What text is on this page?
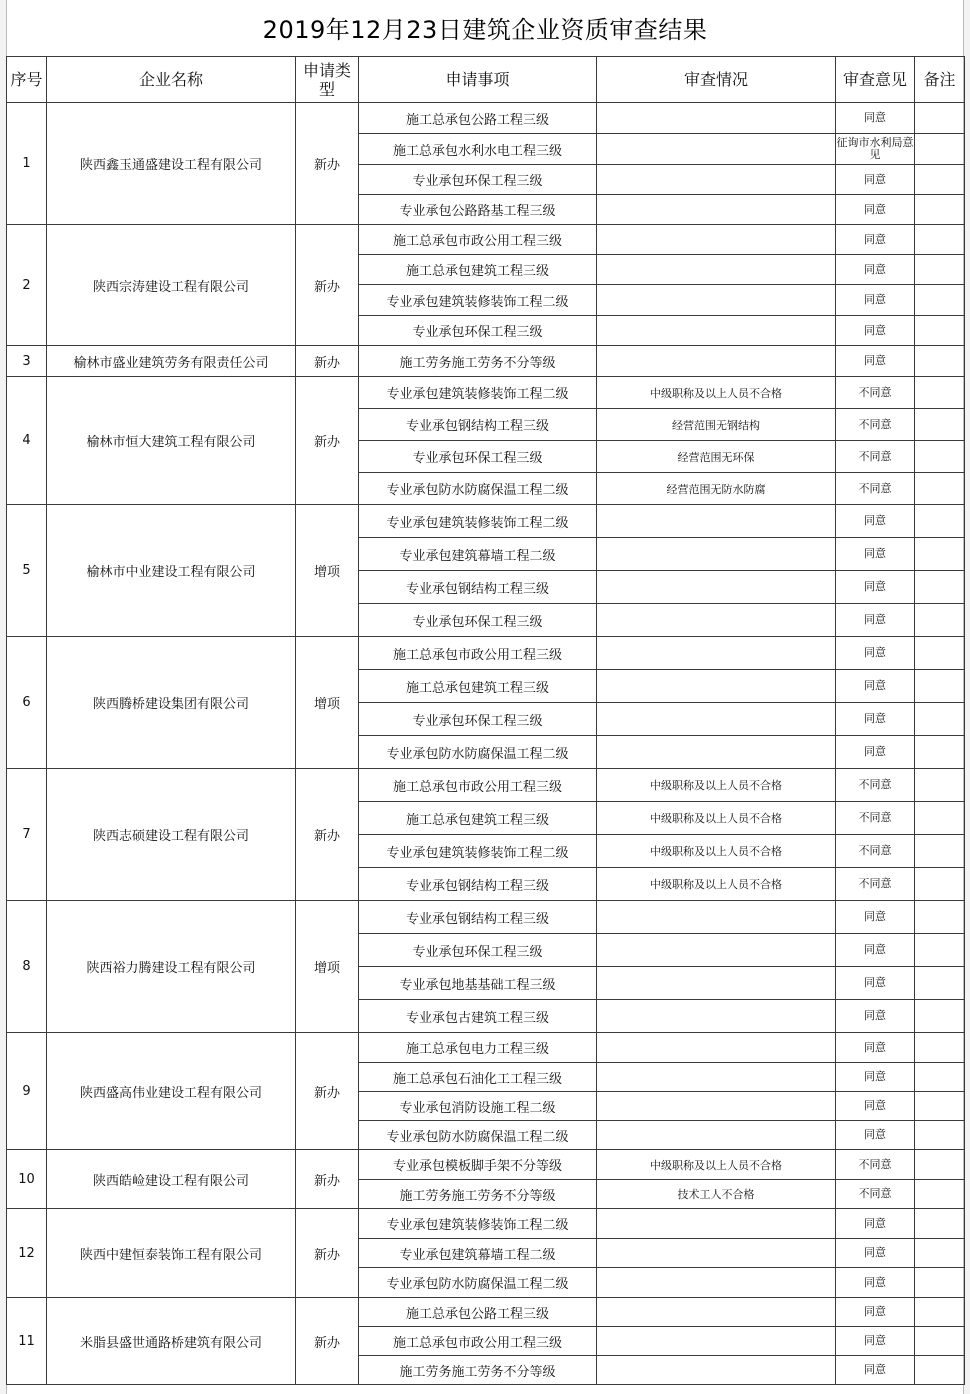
2019年12月23日建筑企业资质审查结果
序号	企业名称	申请类型	申请事项	审查情况	审查意见	备注
1	陕西鑫玉通盛建设工程有限公司	新办	施工总承包公路工程三级		同意	
			施工总承包水利水电工程三级		征询市水利局意见	
			专业承包环保工程三级		同意	
			专业承包公路路基工程三级		同意	
2	陕西宗涛建设工程有限公司	新办	施工总承包市政公用工程三级		同意	
			施工总承包建筑工程三级		同意	
			专业承包建筑装修装饰工程二级		同意	
			专业承包环保工程三级		同意	
3	榆林市盛业建筑劳务有限责任公司	新办	施工劳务施工劳务不分等级		同意	
4	榆林市恒大建筑工程有限公司	新办	专业承包建筑装修装饰工程二级	中级职称及以上人员不合格	不同意	
			专业承包钢结构工程三级	经营范围无钢结构	不同意	
			专业承包环保工程三级	经营范围无环保	不同意	
			专业承包防水防腐保温工程二级	经营范围无防水防腐	不同意	
5	榆林市中业建设工程有限公司	增项	专业承包建筑装修装饰工程二级		同意	
			专业承包建筑幕墙工程二级		同意	
			专业承包钢结构工程三级		同意	
			专业承包环保工程三级		同意	
6	陕西腾桥建设集团有限公司	增项	施工总承包市政公用工程三级		同意	
			施工总承包建筑工程三级		同意	
			专业承包环保工程三级		同意	
			专业承包防水防腐保温工程二级		同意	
7	陕西志硕建设工程有限公司	新办	施工总承包市政公用工程三级	中级职称及以上人员不合格	不同意	
			施工总承包建筑工程三级	中级职称及以上人员不合格	不同意	
			专业承包建筑装修装饰工程二级	中级职称及以上人员不合格	不同意	
			专业承包钢结构工程三级	中级职称及以上人员不合格	不同意	
8	陕西裕力腾建设工程有限公司	增项	专业承包钢结构工程三级		同意	
			专业承包环保工程三级		同意	
			专业承包地基基础工程三级		同意	
			专业承包古建筑工程三级		同意	
9	陕西盛高伟业建设工程有限公司	新办	施工总承包电力工程三级		同意	
			施工总承包石油化工工程三级		同意	
			专业承包消防设施工程二级		同意	
			专业承包防水防腐保温工程二级		同意	
10	陕西皓崄建设工程有限公司	新办	专业承包模板脚手架不分等级	中级职称及以上人员不合格	不同意	
			施工劳务施工劳务不分等级	技术工人不合格	不同意	
12	陕西中建恒泰装饰工程有限公司	新办	专业承包建筑装修装饰工程二级		同意	
			专业承包建筑幕墙工程二级		同意	
			专业承包防水防腐保温工程二级		同意	
11	米脂县盛世通路桥建筑有限公司	新办	施工总承包公路工程三级		同意	
			施工总承包市政公用工程三级		同意	
			施工劳务施工劳务不分等级		同意	
